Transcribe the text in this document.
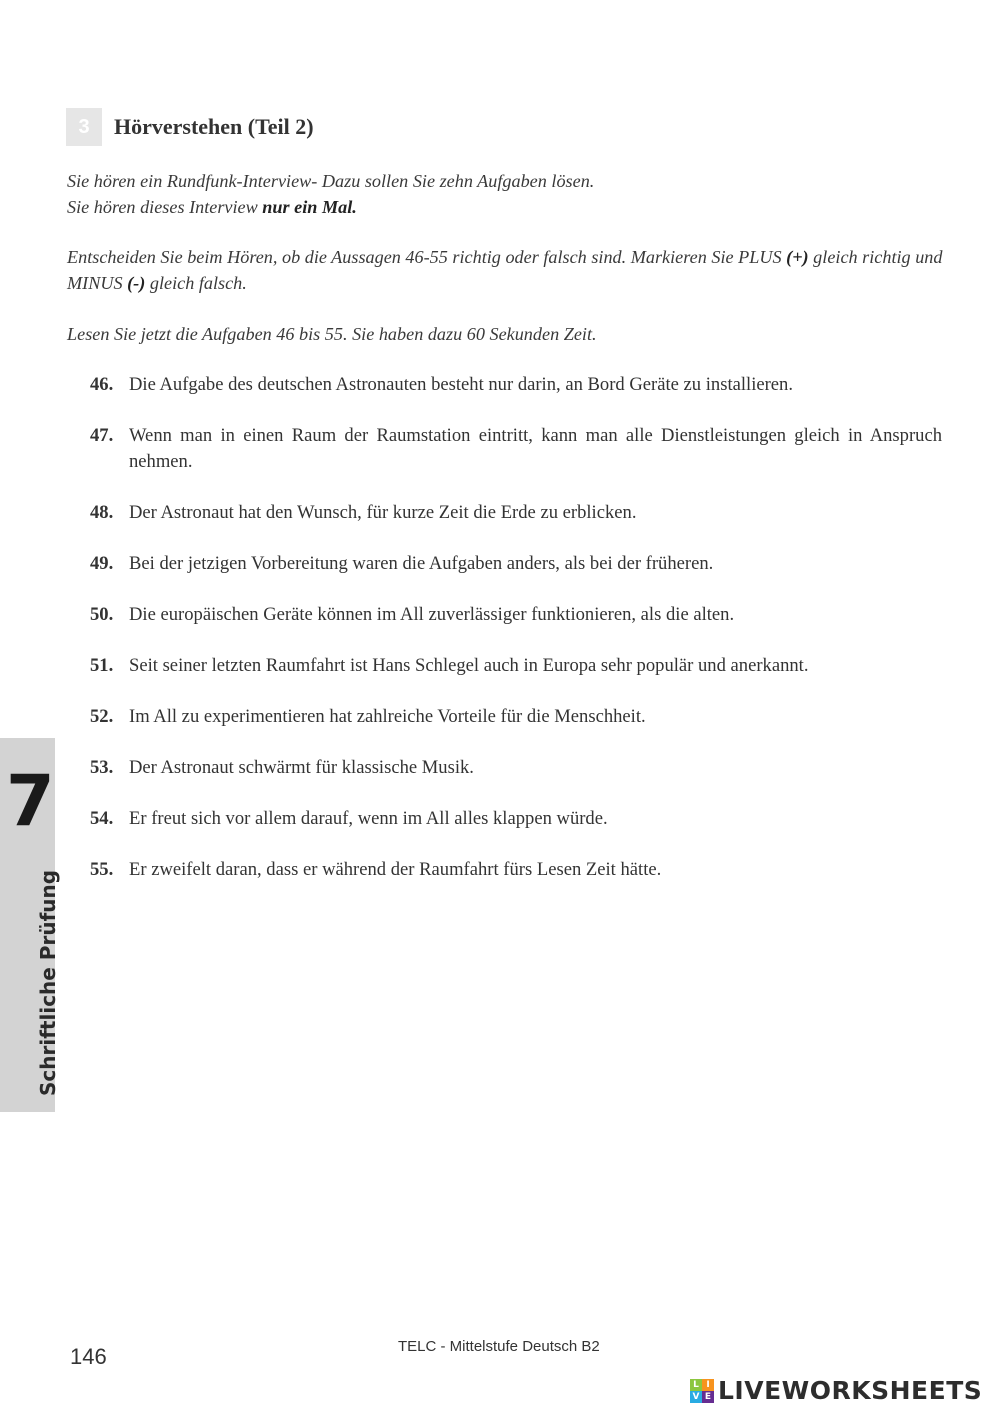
3	Hörverstehen (Teil 2)

Sie hören ein Rundfunk-Interview- Dazu sollen Sie zehn Aufgaben lösen.
Sie hören dieses Interview nur ein Mal.

Entscheiden Sie beim Hören, ob die Aussagen 46-55 richtig oder falsch sind. Markieren Sie PLUS (+) gleich richtig und MINUS (-) gleich falsch.

Lesen Sie jetzt die Aufgaben 46 bis 55. Sie haben dazu 60 Sekunden Zeit.

46. Die Aufgabe des deutschen Astronauten besteht nur darin, an Bord Geräte zu installieren.
47. Wenn man in einen Raum der Raumstation eintritt, kann man alle Dienstleistungen gleich in Anspruch nehmen.
48. Der Astronaut hat den Wunsch, für kurze Zeit die Erde zu erblicken.
49. Bei der jetzigen Vorbereitung waren die Aufgaben anders, als bei der früheren.
50. Die europäischen Geräte können im All zuverlässiger funktionieren, als die alten.
51. Seit seiner letzten Raumfahrt ist Hans Schlegel auch in Europa sehr populär und anerkannt.
52. Im All zu experimentieren hat zahlreiche Vorteile für die Menschheit.
53. Der Astronaut schwärmt für klassische Musik.
54. Er freut sich vor allem darauf, wenn im All alles klappen würde.
55. Er zweifelt daran, dass er während der Raumfahrt fürs Lesen Zeit hätte.
7
Schriftliche Prüfung
146	TELC - Mittelstufe Deutsch B2
L I
V E LIVEWORKSHEETS
